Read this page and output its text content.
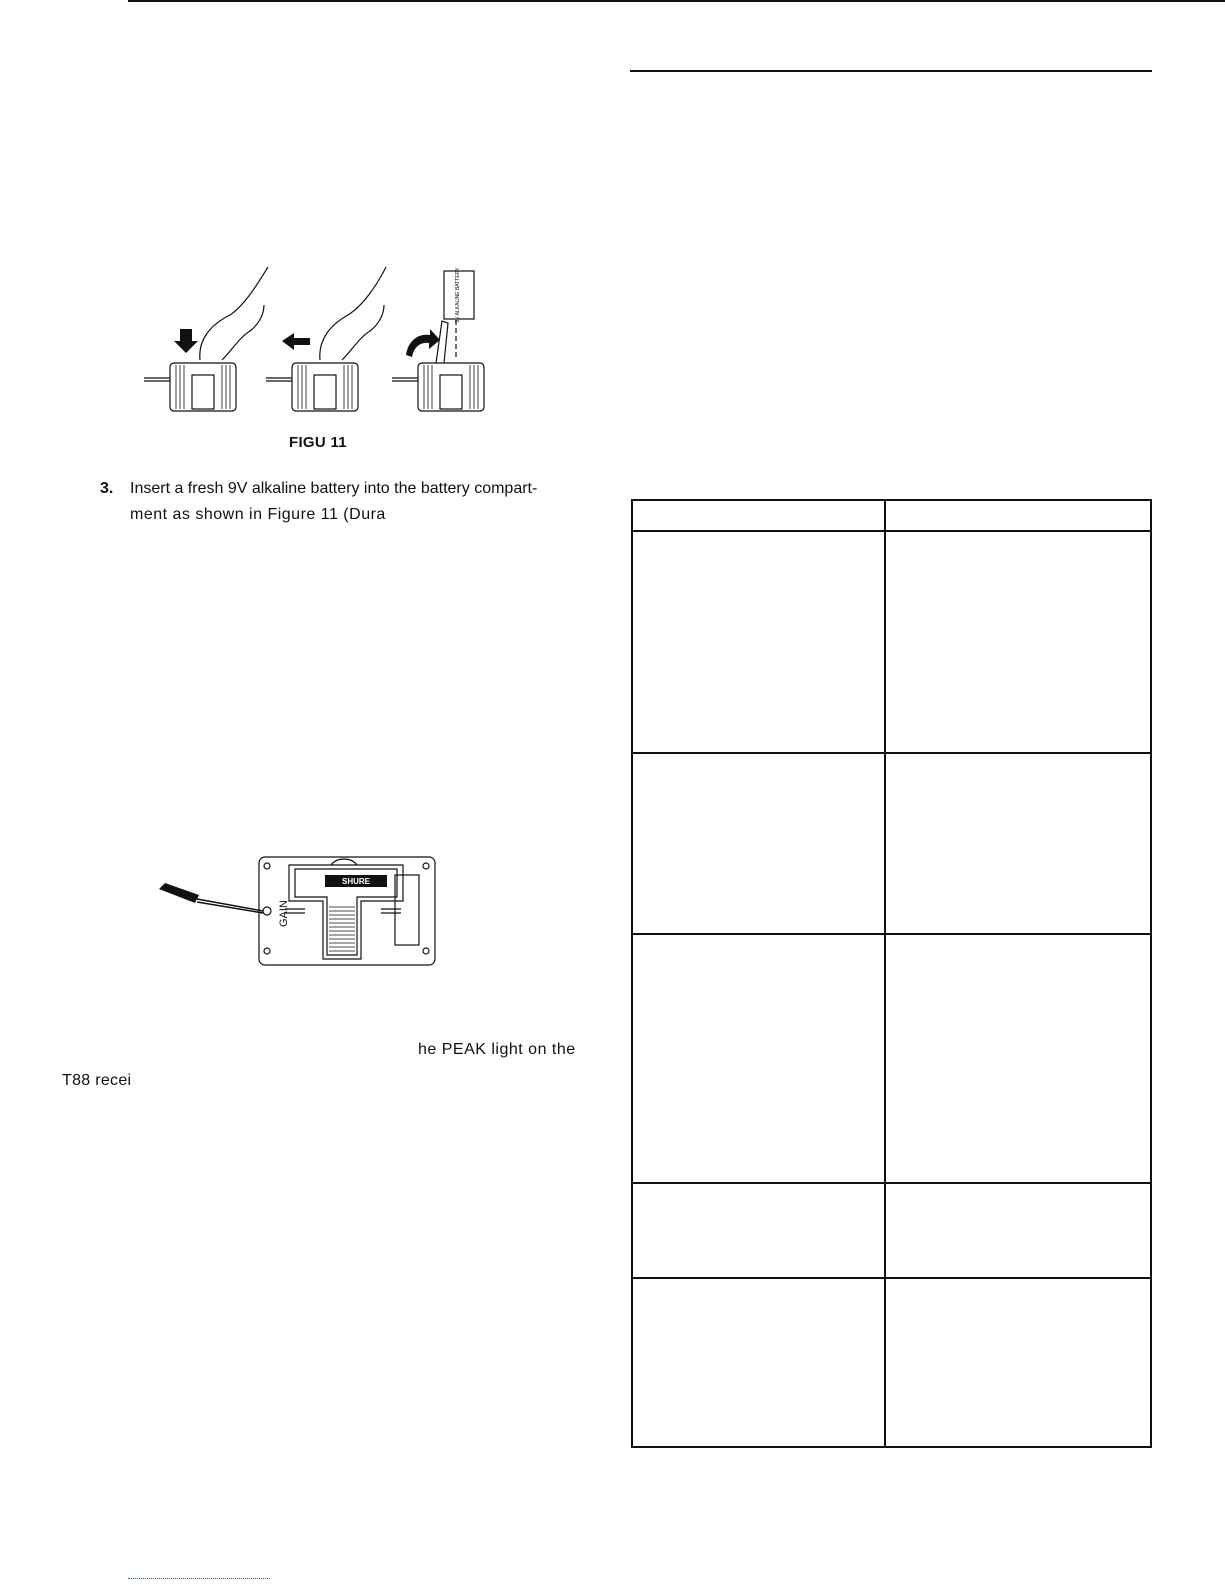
9V ALKALINE BATTERY
FIGU 11
3. Insert a fresh 9V alkaline battery into the battery compart-
ment as shown in Figure 11 (Dura
SHURE
GAIN
he PEAK light on the
T88 recei
